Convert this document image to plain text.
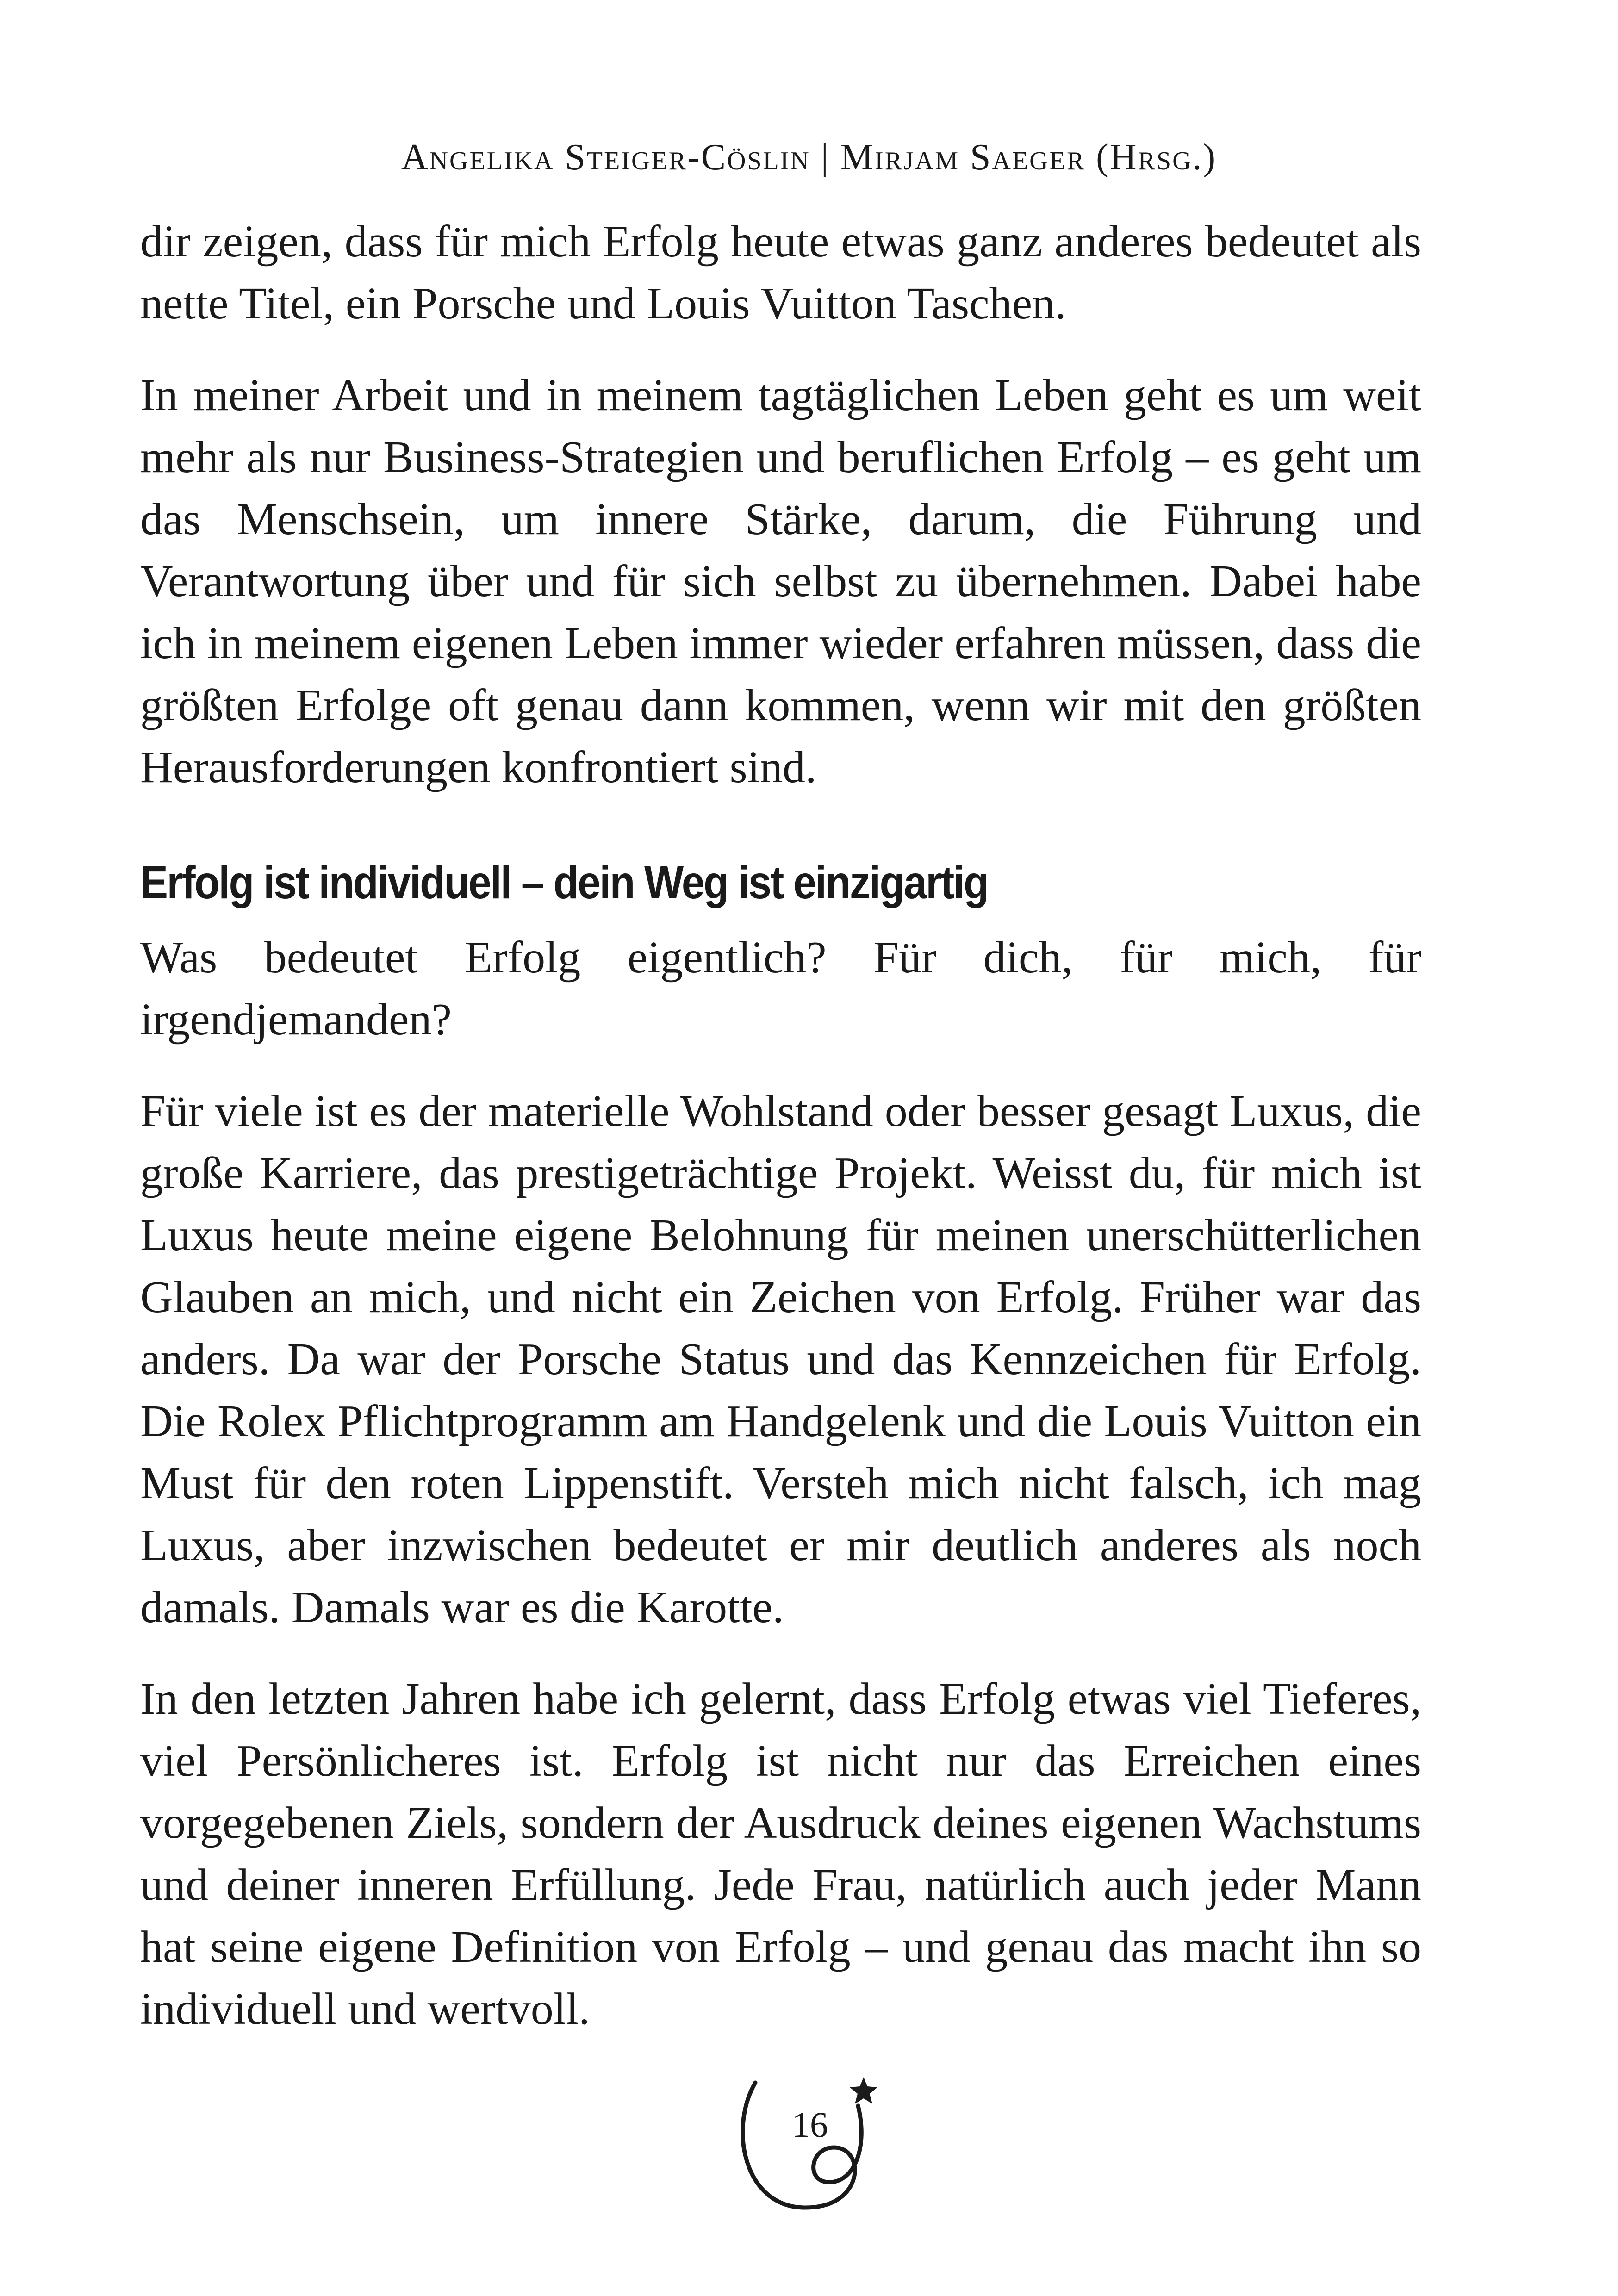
Angelika Steiger-Cöslin | Mirjam Saeger (Hrsg.)

dir zeigen, dass für mich Erfolg heute etwas ganz anderes bedeutet als nette Titel, ein Porsche und Louis Vuitton Taschen.

In meiner Arbeit und in meinem tagtäglichen Leben geht es um weit mehr als nur Business-Strategien und beruflichen Erfolg – es geht um das Menschsein, um innere Stärke, darum, die Führung und Verantwortung über und für sich selbst zu übernehmen. Dabei habe ich in meinem eigenen Leben immer wieder erfahren müssen, dass die größten Erfolge oft genau dann kommen, wenn wir mit den größten Herausforderungen konfrontiert sind.

Erfolg ist individuell – dein Weg ist einzigartig

Was bedeutet Erfolg eigentlich? Für dich, für mich, für irgendjemanden?

Für viele ist es der materielle Wohlstand oder besser gesagt Luxus, die große Karriere, das prestigeträchtige Projekt. Weisst du, für mich ist Luxus heute meine eigene Belohnung für meinen unerschütterlichen Glauben an mich, und nicht ein Zeichen von Erfolg. Früher war das anders. Da war der Porsche Status und das Kennzeichen für Erfolg. Die Rolex Pflichtprogramm am Handgelenk und die Louis Vuitton ein Must für den roten Lippenstift. Versteh mich nicht falsch, ich mag Luxus, aber inzwischen bedeutet er mir deutlich anderes als noch damals. Damals war es die Karotte.

In den letzten Jahren habe ich gelernt, dass Erfolg etwas viel Tieferes, viel Persönlicheres ist. Erfolg ist nicht nur das Erreichen eines vorgegebenen Ziels, sondern der Ausdruck deines eigenen Wachstums und deiner inneren Erfüllung. Jede Frau, natürlich auch jeder Mann hat seine eigene Definition von Erfolg – und genau das macht ihn so individuell und wertvoll.

16
